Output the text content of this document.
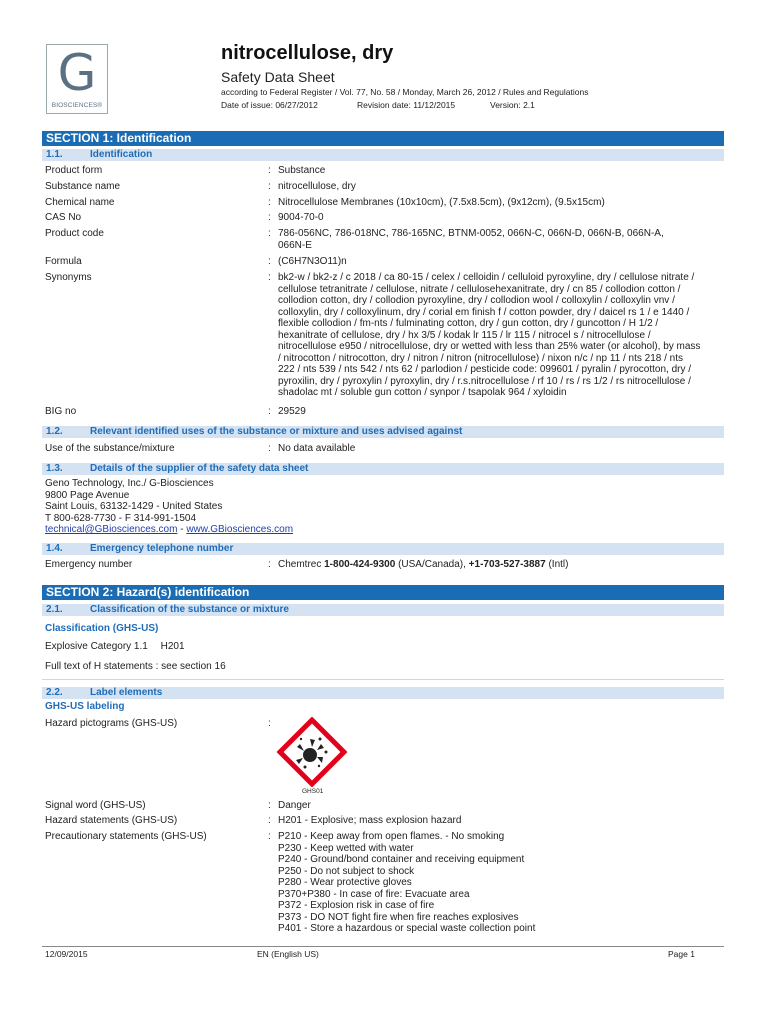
G
BIOSCIENCES®
nitrocellulose, dry
Safety Data Sheet
according to Federal Register / Vol. 77, No. 58 / Monday, March 26, 2012 / Rules and Regulations
Date of issue: 06/27/2012	Revision date: 11/12/2015	Version: 2.1
SECTION 1: Identification
1.1.	Identification
Product form	: Substance
Substance name	: nitrocellulose, dry
Chemical name	: Nitrocellulose Membranes (10x10cm), (7.5x8.5cm), (9x12cm), (9.5x15cm)
CAS No	: 9004-70-0
Product code	: 786-056NC, 786-018NC, 786-165NC, BTNM-0052, 066N-C, 066N-D, 066N-B, 066N-A,
066N-E
Formula	: (C6H7N3O11)n
Synonyms	: bk2-w / bk2-z / c 2018 / ca 80-15 / celex / celloidin / celluloid pyroxyline, dry / cellulose nitrate /
cellulose tetranitrate / cellulose, nitrate / cellulosehexanitrate, dry / cn 85 / collodion cotton /
collodion cotton, dry / collodion pyroxyline, dry / collodion wool / colloxylin / colloxylin vnv /
colloxylin, dry / colloxylinum, dry / corial em finish f / cotton powder, dry / daicel rs 1 / e 1440 /
flexible collodion / fm-nts / fulminating cotton, dry / gun cotton, dry / guncotton / H 1/2 /
hexanitrate of cellulose, dry / hx 3/5 / kodak lr 115 / lr 115 / nitrocel s / nitrocellulose /
nitrocellulose e950 / nitrocellulose, dry or wetted with less than 25% water (or alcohol), by mass
/ nitrocotton / nitrocotton, dry / nitron / nitron (nitrocellulose) / nixon n/c / np 11 / nts 218 / nts
222 / nts 539 / nts 542 / nts 62 / parlodion / pesticide code: 099601 / pyralin / pyrocotton, dry /
pyroxilin, dry / pyroxylin / pyroxylin, dry / r.s.nitrocellulose / rf 10 / rs / rs 1/2 / rs nitrocellulose /
shadolac mt / soluble gun cotton / synpor / tsapolak 964 / xyloidin
BIG no	: 29529
1.2.	Relevant identified uses of the substance or mixture and uses advised against
Use of the substance/mixture	: No data available
1.3.	Details of the supplier of the safety data sheet
Geno Technology, Inc./ G-Biosciences
9800 Page Avenue
Saint Louis, 63132-1429 - United States
T 800-628-7730 - F 314-991-1504
technical@GBiosciences.com - www.GBiosciences.com
1.4.	Emergency telephone number
Emergency number	: Chemtrec 1-800-424-9300 (USA/Canada), +1-703-527-3887 (Intl)
SECTION 2: Hazard(s) identification
2.1.	Classification of the substance or mixture
Classification (GHS-US)
Explosive Category 1.1 H201
Full text of H statements : see section 16
2.2.	Label elements
GHS-US labeling
Hazard pictograms (GHS-US)	:
GHS01
Signal word (GHS-US)	: Danger
Hazard statements (GHS-US)	: H201 - Explosive; mass explosion hazard
Precautionary statements (GHS-US)	: P210 - Keep away from open flames. - No smoking
P230 - Keep wetted with water
P240 - Ground/bond container and receiving equipment
P250 - Do not subject to shock
P280 - Wear protective gloves
P370+P380 - In case of fire: Evacuate area
P372 - Explosion risk in case of fire
P373 - DO NOT fight fire when fire reaches explosives
P401 - Store a hazardous or special waste collection point
12/09/2015	EN (English US)	Page 1
